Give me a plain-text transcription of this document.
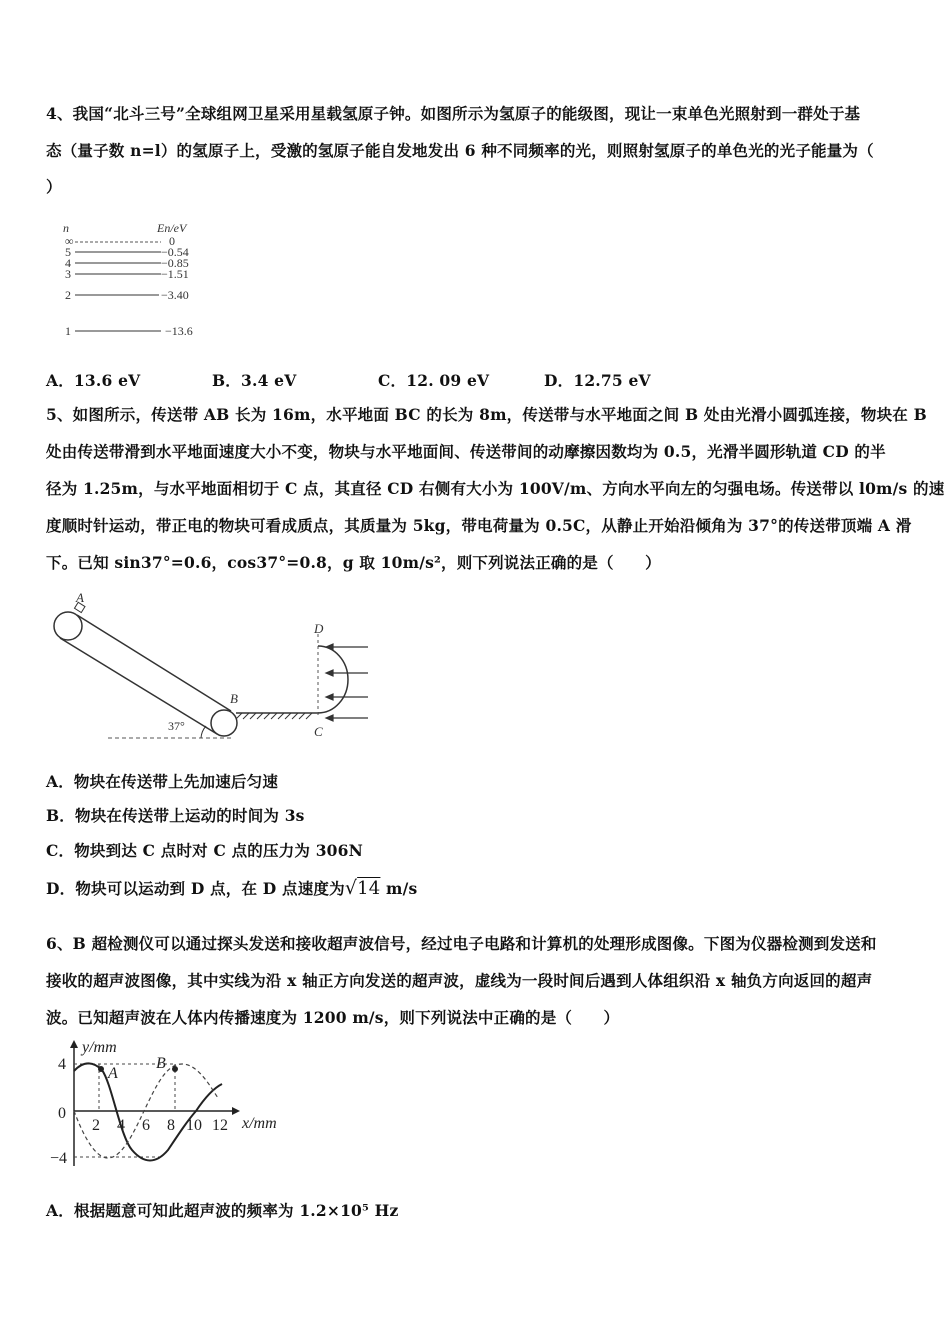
4、我国“北斗三号”全球组网卫星采用星载氢原子钟。如图所示为氢原子的能级图，现让一束单色光照射到一群处于基
态（量子数 n=l）的氢原子上，受激的氢原子能自发地发出 6 种不同频率的光，则照射氢原子的单色光的光子能量为（
）
n	En/eV
∞	0
5	−0.54
4	−0.85
3	−1.51
2	−3.40
1	−13.6
A．13.6 eV	B．3.4 eV	C．12. 09 eV	D．12.75 eV
5、如图所示，传送带 AB 长为 16m，水平地面 BC 的长为 8m，传送带与水平地面之间 B 处由光滑小圆弧连接，物块在 B
处由传送带滑到水平地面速度大小不变，物块与水平地面间、传送带间的动摩擦因数均为 0.5，光滑半圆形轨道 CD 的半
径为 1.25m，与水平地面相切于 C 点，其直径 CD 右侧有大小为 100V/m、方向水平向左的匀强电场。传送带以 l0m/s 的速
度顺时针运动，带正电的物块可看成质点，其质量为 5kg，带电荷量为 0.5C，从静止开始沿倾角为 37°的传送带顶端 A 滑
下。已知 sin37°=0.6，cos37°=0.8，g 取 10m/s²，则下列说法正确的是（　　）
A
37°
B
D
C
A．物块在传送带上先加速后匀速
B．物块在传送带上运动的时间为 3s
C．物块到达 C 点时对 C 点的压力为 306N
D．物块可以运动到 D 点，在 D 点速度为√14 m/s
6、B 超检测仪可以通过探头发送和接收超声波信号，经过电子电路和计算机的处理形成图像。下图为仪器检测到发送和
接收的超声波图像，其中实线为沿 x 轴正方向发送的超声波，虚线为一段时间后遇到人体组织沿 x 轴负方向返回的超声
波。已知超声波在人体内传播速度为 1200 m/s，则下列说法中正确的是（　　）
y/mm
x/mm
4
0
−4
2 4 6 8 10 12
A
B
A．根据题意可知此超声波的频率为 1.2×10⁵ Hz
